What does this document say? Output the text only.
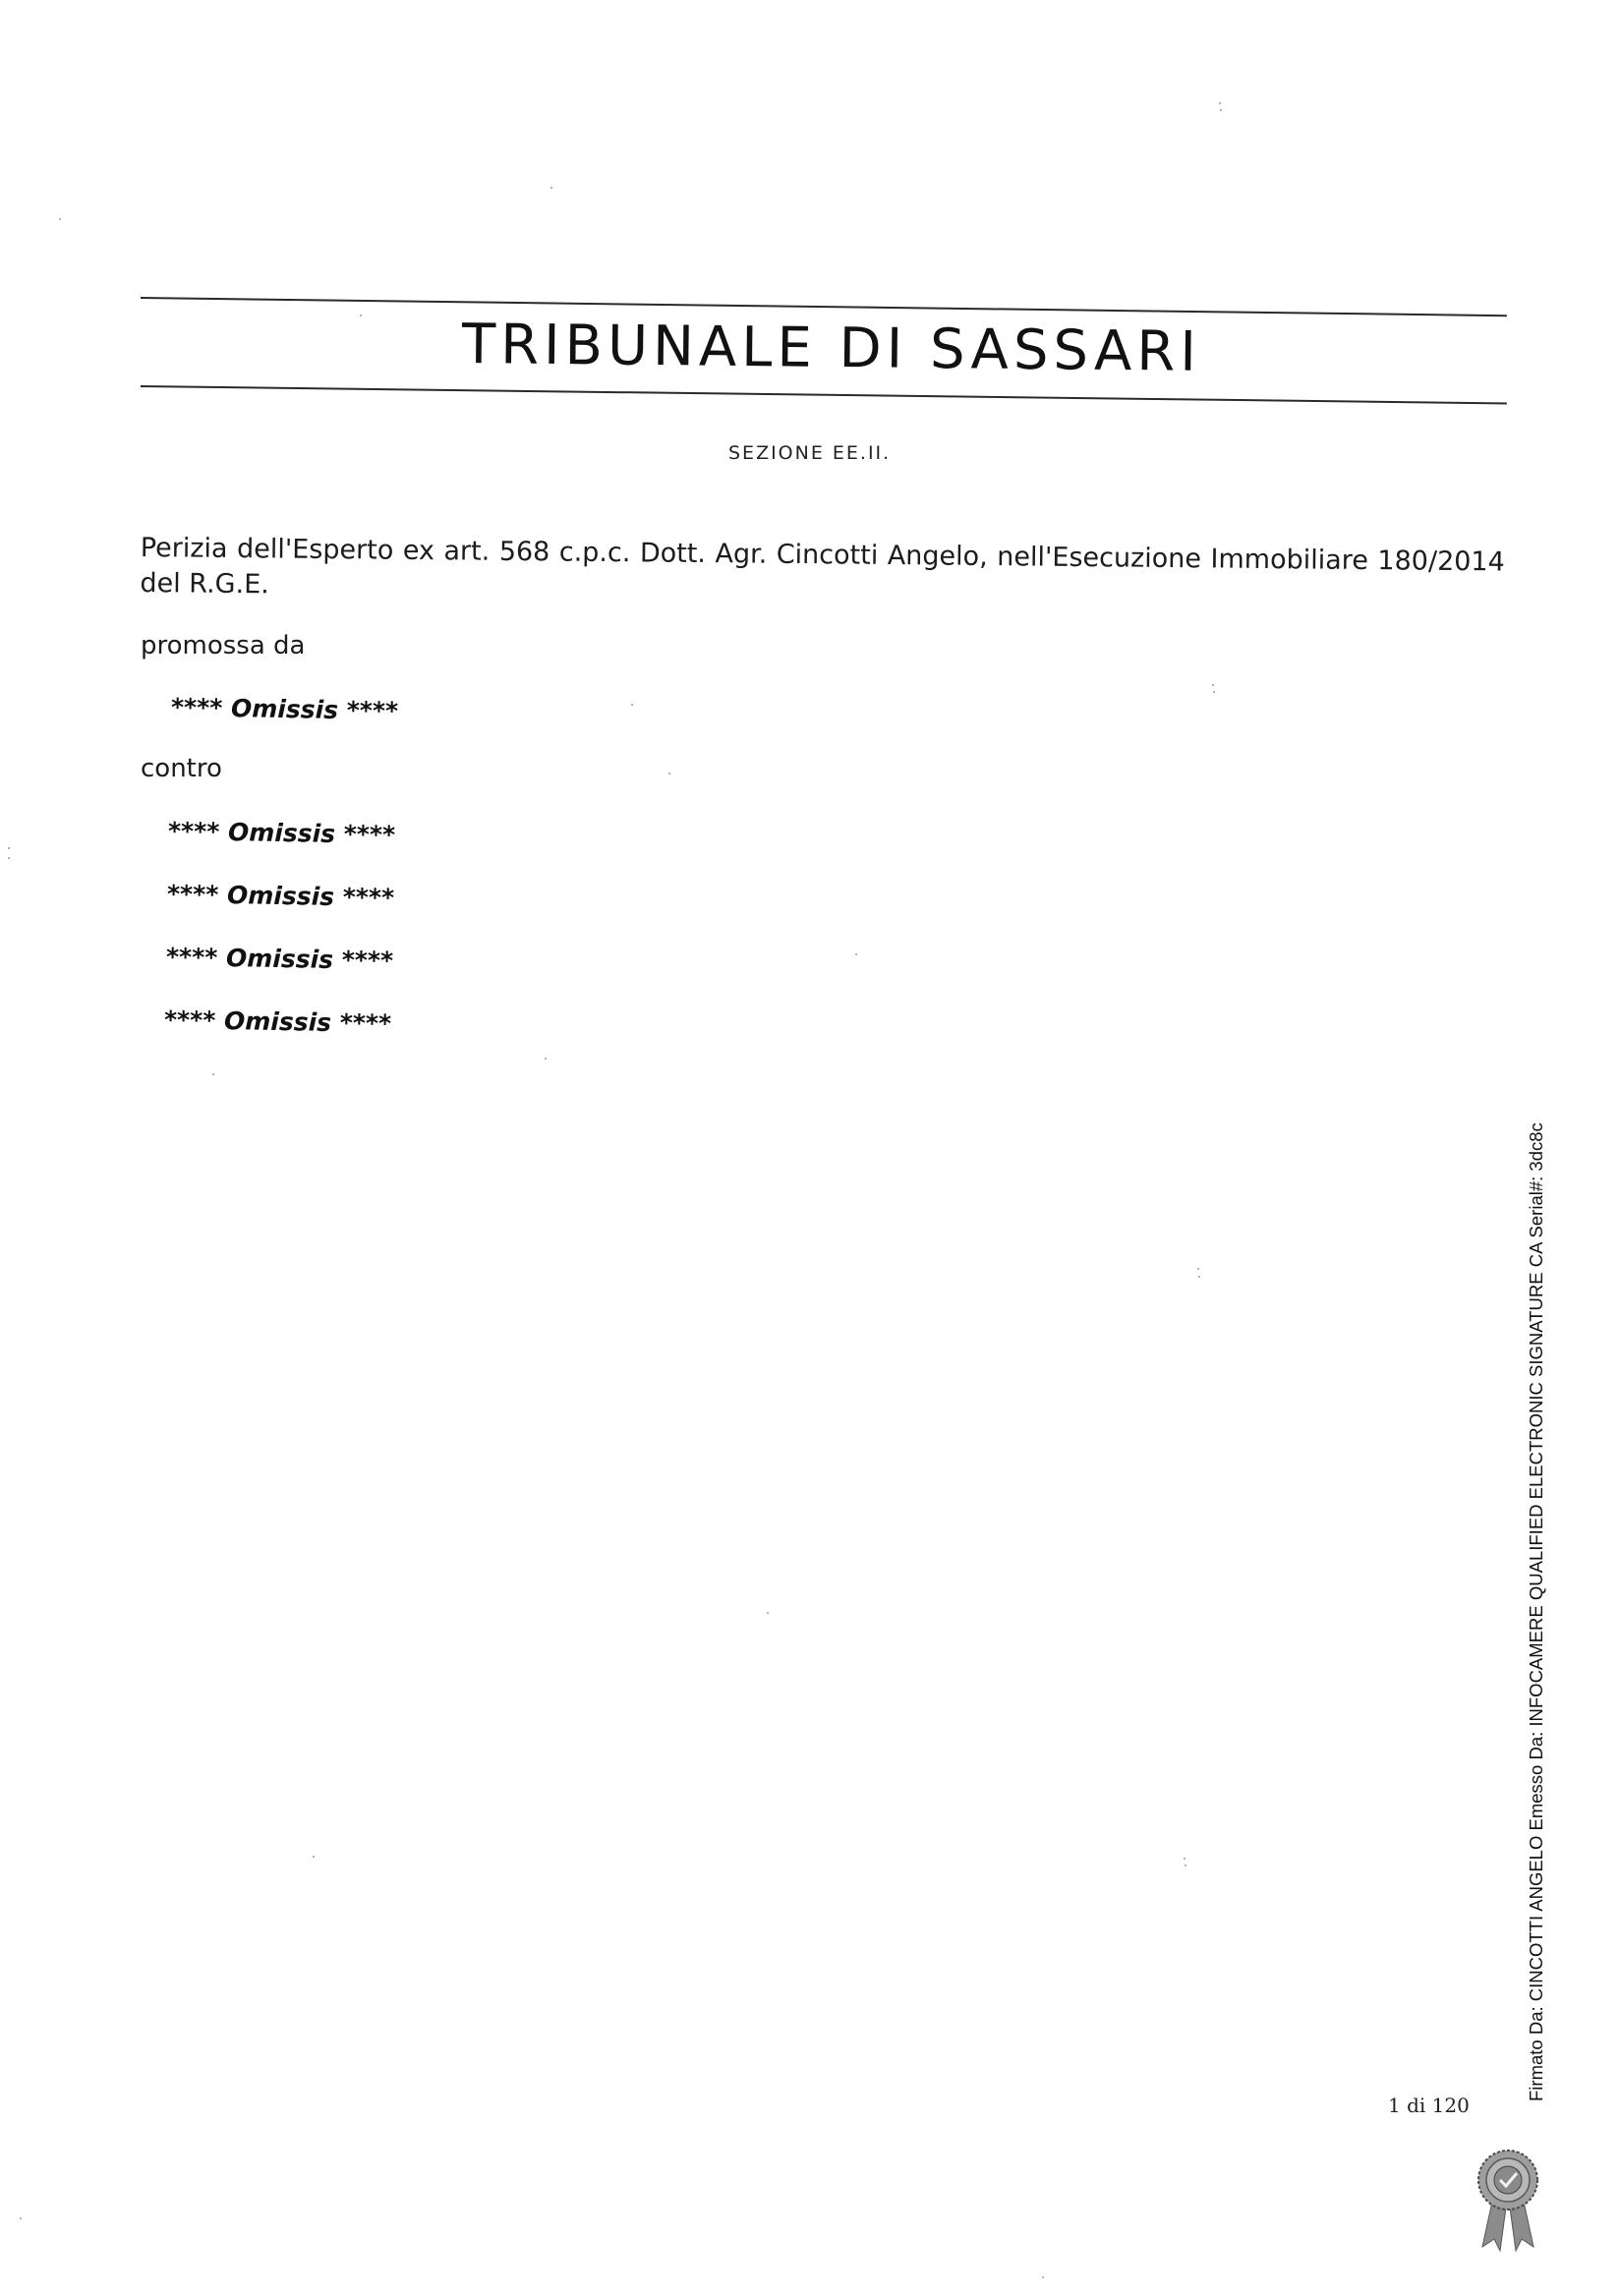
TRIBUNALE DI SASSARI
SEZIONE EE.II.
Perizia dell'Esperto ex art. 568 c.p.c. Dott. Agr. Cincotti Angelo, nell'Esecuzione Immobiliare 180/2014 del R.G.E.
promossa da
**** Omissis ****
contro
**** Omissis ****
**** Omissis ****
**** Omissis ****
**** Omissis ****
1 di 120
Firmato Da: CINCOTTI ANGELO Emesso Da: INFOCAMERE QUALIFIED ELECTRONIC SIGNATURE CA Serial#: 3dc8c
